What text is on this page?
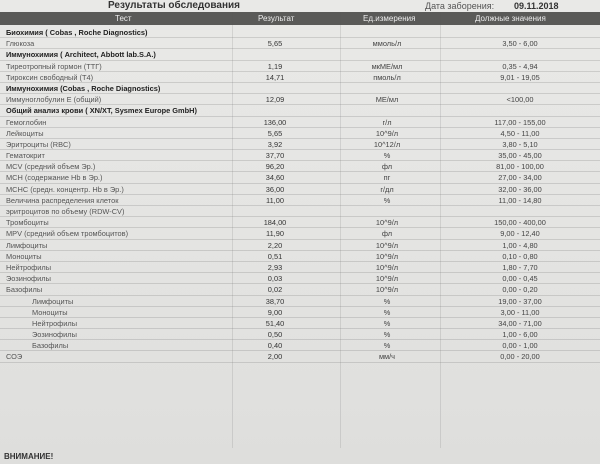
Результаты обследования	Дата заборения: 09.11.2018
Тест	Результат	Ед.измерения	Должные значения
Биохимия ( Cobas , Roche Diagnostics)
Глюкоза	5,65	ммоль/л	3,50 - 6,00
Иммунохимия ( Architect, Abbott lab.S.A.)
Тиреотропный гормон (ТТГ)	1,19	мкМЕ/мл	0,35 - 4,94
Тироксин свободный (Т4)	14,71	пмоль/л	9,01 - 19,05
Иммунохимия (Cobas , Roche Diagnostics)
Иммуноглобулин Е (общий)	12,09	МЕ/мл	<100,00
Общий анализ крови ( XN/XT, Sysmex Europe GmbH)
Гемоглобин	136,00	г/л	117,00 - 155,00
Лейкоциты	5,65	10^9/л	4,50 - 11,00
Эритроциты (RBC)	3,92	10^12/л	3,80 - 5,10
Гематокрит	37,70	%	35,00 - 45,00
MCV (средний объем Эр.)	96,20	фл	81,00 - 100,00
MCH (содержание Hb в Эр.)	34,60	пг	27,00 - 34,00
MCHC (средн. концентр. Hb в Эр.)	36,00	г/дл	32,00 - 36,00
Величина распределения клеток	11,00	%	11,00 - 14,80
эритроцитов по объему (RDW-CV)
Тромбоциты	184,00	10^9/л	150,00 - 400,00
MPV (средний объем тромбоцитов)	11,90	фл	9,00 - 12,40
Лимфоциты	2,20	10^9/л	1,00 - 4,80
Моноциты	0,51	10^9/л	0,10 - 0,80
Нейтрофилы	2,93	10^9/л	1,80 - 7,70
Эозинофилы	0,03	10^9/л	0,00 - 0,45
Базофилы	0,02	10^9/л	0,00 - 0,20
Лимфоциты	38,70	%	19,00 - 37,00
Моноциты	9,00	%	3,00 - 11,00
Нейтрофилы	51,40	%	34,00 - 71,00
Эозинофилы	0,50	%	1,00 - 6,00
Базофилы	0,40	%	0,00 - 1,00
СОЭ	2,00	мм/ч	0,00 - 20,00
ВНИМАНИЕ!
